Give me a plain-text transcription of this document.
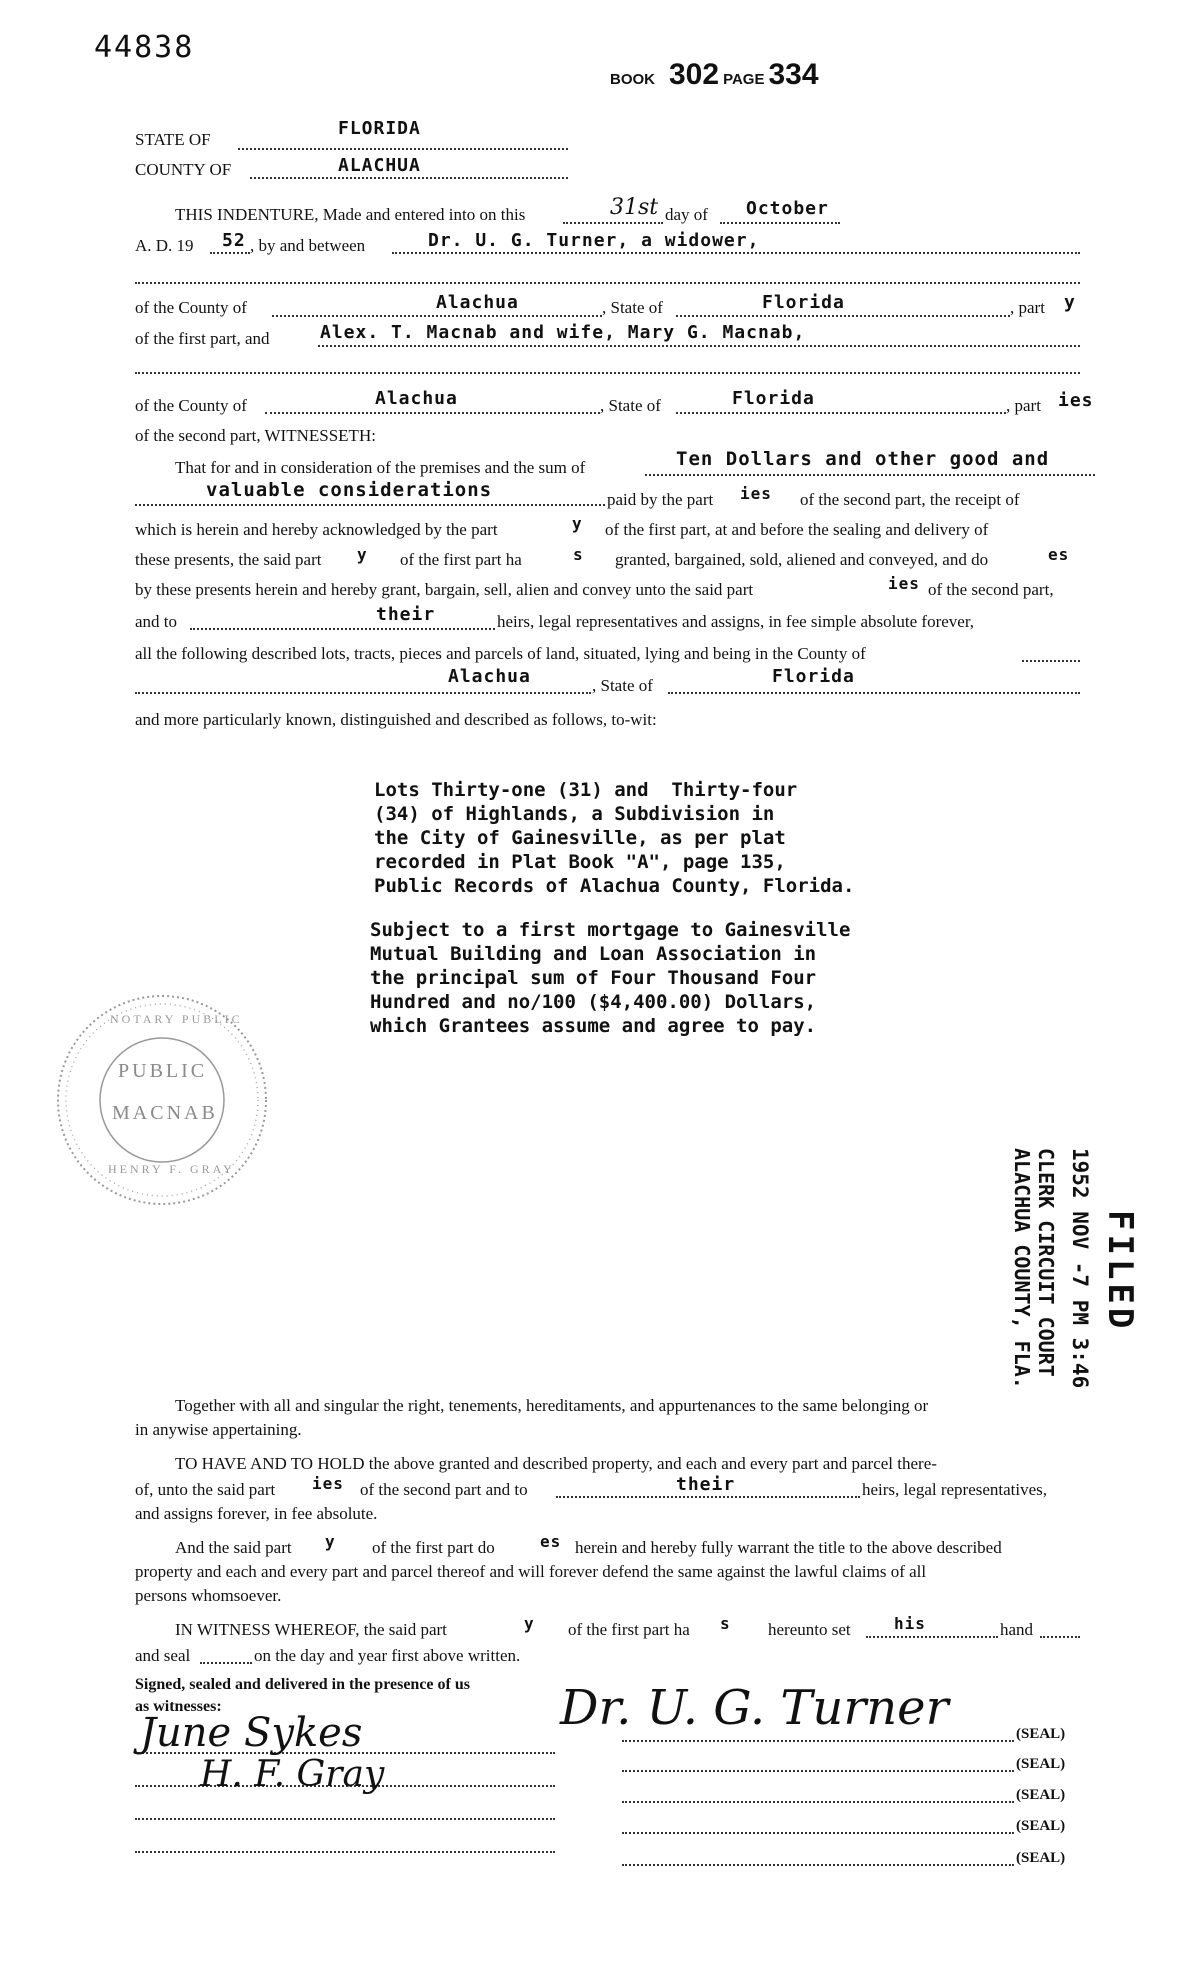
44838
BOOK 302 PAGE 334
STATE OF
FLORIDA
COUNTY OF	ALACHUA
THIS INDENTURE, Made and entered into on this	31st day of October
A. D. 19 52 , by and between	Dr. U. G. Turner, a widower,
of the County of	Alachua	, State of	Florida	, part y
of the first part, and	Alex. T. Macnab and wife, Mary G. Macnab,
of the County of	Alachua	, State of	Florida	, part ies
of the second part, WITNESSETH:
That for and in consideration of the premises and the sum of	Ten Dollars and other good and
valuable considerations	paid by the part ies of the second part, the receipt of
which is herein and hereby acknowledged by the part	y of the first part, at and before the sealing and delivery of
these presents, the said part y of the first part ha	s granted, bargained, sold, aliened and conveyed, and do	es
by these presents herein and hereby grant, bargain, sell, alien and convey unto the said part	ies of the second part,
and to	their	heirs, legal representatives and assigns, in fee simple absolute forever,
all the following described lots, tracts, pieces and parcels of land, situated, lying and being in the County of
Alachua	, State of	Florida
and more particularly known, distinguished and described as follows, to-wit:
Lots Thirty-one (31) and  Thirty-four
(34) of Highlands, a Subdivision in
the City of Gainesville, as per plat
recorded in Plat Book "A", page 135,
Public Records of Alachua County, Florida.
Subject to a first mortgage to Gainesville
Mutual Building and Loan Association in
the principal sum of Four Thousand Four
Hundred and no/100 ($4,400.00) Dollars,
which Grantees assume and agree to pay.
NOTARY PUBLIC
PUBLIC
MACNAB
HENRY F. GRAY
FILED
1952 NOV -7 PM 3:46
CLERK CIRCUIT COURT
ALACHUA COUNTY, FLA.
Together with all and singular the right, tenements, hereditaments, and appurtenances to the same belonging or
in anywise appertaining.
TO HAVE AND TO HOLD the above granted and described property, and each and every part and parcel there-
of, unto the said part ies of the second part and to	their	heirs, legal representatives,
and assigns forever, in fee absolute.
And the said part y of the first part do	es herein and hereby fully warrant the title to the above described
property and each and every part and parcel thereof and will forever defend the same against the lawful claims of all
persons whomsoever.
IN WITNESS WHEREOF, the said part	y of the first part ha s hereunto set	his	hand
and seal	on the day and year first above written.
Signed, sealed and delivered in the presence of us
as witnesses:
June Sykes
H. F. Gray
Dr. U. G. Turner	(SEAL)
(SEAL)
(SEAL)
(SEAL)
(SEAL)
